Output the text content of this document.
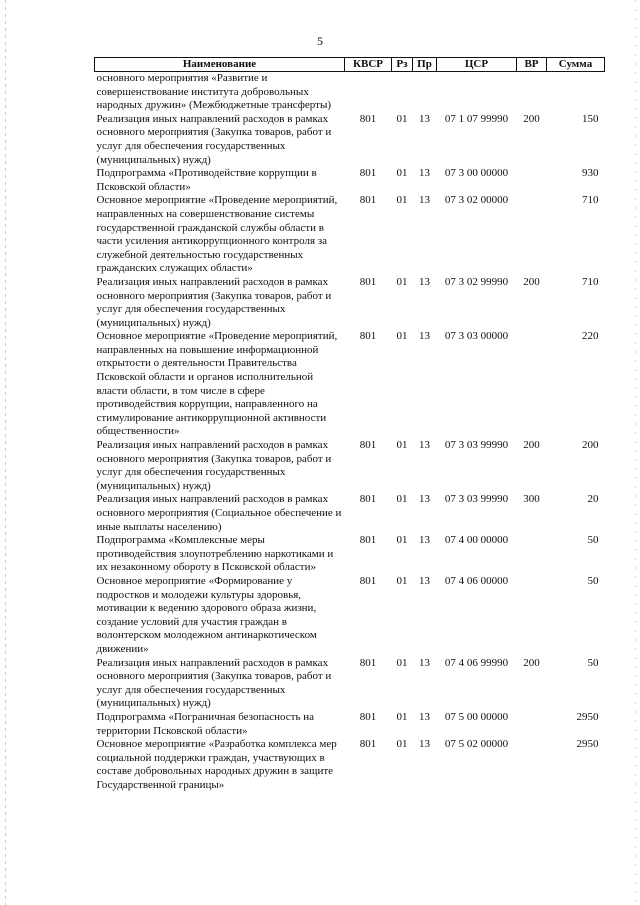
5
Наименование	КВСР	Рз	Пр	ЦСР	ВР	Сумма
основного мероприятия «Развитие и совершенствование института добровольных народных дружин» (Межбюджетные трансферты)						
Реализация иных направлений расходов в рамках основного мероприятия (Закупка товаров, работ и услуг для обеспечения государственных (муниципальных) нужд)	801	01	13	07 1 07 99990	200	150
Подпрограмма «Противодействие коррупции в Псковской области»	801	01	13	07 3 00 00000		930
Основное мероприятие «Проведение мероприятий, направленных на совершенствование системы государственной гражданской службы области в части усиления антикоррупционного контроля за служебной деятельностью государственных гражданских служащих области»	801	01	13	07 3 02 00000		710
Реализация иных направлений расходов в рамках основного мероприятия (Закупка товаров, работ и услуг для обеспечения государственных (муниципальных) нужд)	801	01	13	07 3 02 99990	200	710
Основное мероприятие «Проведение мероприятий, направленных на повышение информационной открытости о деятельности Правительства Псковской области и органов исполнительной власти области, в том числе в сфере противодействия коррупции, направленного на стимулирование антикоррупционной активности общественности»	801	01	13	07 3 03 00000		220
Реализация иных направлений расходов в рамках основного мероприятия (Закупка товаров, работ и услуг для обеспечения государственных (муниципальных) нужд)	801	01	13	07 3 03 99990	200	200
Реализация иных направлений расходов в рамках основного мероприятия (Социальное обеспечение и иные выплаты населению)	801	01	13	07 3 03 99990	300	20
Подпрограмма «Комплексные меры противодействия злоупотреблению наркотиками и их незаконному обороту в Псковской области»	801	01	13	07 4 00 00000		50
Основное мероприятие «Формирование у подростков и молодежи культуры здоровья, мотивации к ведению здорового образа жизни, создание условий для участия граждан в волонтерском молодежном антинаркотическом движении»	801	01	13	07 4 06 00000		50
Реализация иных направлений расходов в рамках основного мероприятия (Закупка товаров, работ и услуг для обеспечения государственных (муниципальных) нужд)	801	01	13	07 4 06 99990	200	50
Подпрограмма «Пограничная безопасность на территории Псковской области»	801	01	13	07 5 00 00000		2950
Основное мероприятие «Разработка комплекса мер социальной поддержки граждан, участвующих в составе добровольных народных дружин в защите Государственной границы»	801	01	13	07 5 02 00000		2950
